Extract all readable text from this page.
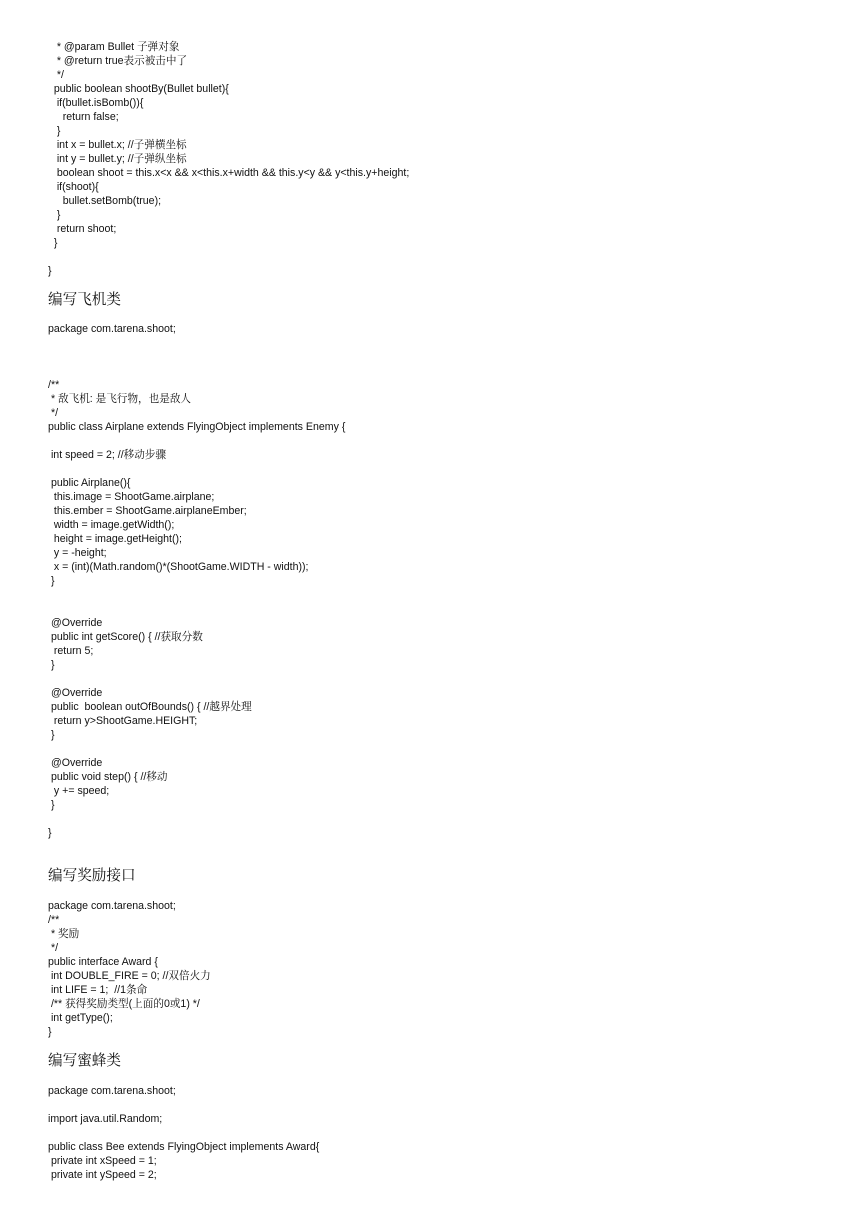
* @param Bullet 子弹对象
* @return true表示被击中了
*/
public boolean shootBy(Bullet bullet){
if(bullet.isBomb()){
return false;
}
int x = bullet.x; //子弹横坐标
int y = bullet.y; //子弹纵坐标
boolean shoot = this.x<x && x<this.x+width && this.y<y && y<this.y+height;
if(shoot){
bullet.setBomb(true);
}
return shoot;
}
}
编写飞机类
package com.tarena.shoot;
/**
* 敌飞机: 是飞行物，也是敌人
*/
public class Airplane extends FlyingObject implements Enemy {
int speed = 2; //移动步骤
public Airplane(){
this.image = ShootGame.airplane;
this.ember = ShootGame.airplaneEmber;
width = image.getWidth();
height = image.getHeight();
y = -height;
x = (int)(Math.random()*(ShootGame.WIDTH - width));
}
@Override
public int getScore() { //获取分数
return 5;
}
@Override
public  boolean outOfBounds() { //越界处理
return y>ShootGame.HEIGHT;
}
@Override
public void step() { //移动
y += speed;
}
}
编写奖励接口
package com.tarena.shoot;
/**
* 奖励
*/
public interface Award {
int DOUBLE_FIRE = 0; //双倍火力
int LIFE = 1;  //1条命
/** 获得奖励类型(上面的0或1) */
int getType();
}
编写蜜蜂类
package com.tarena.shoot;
import java.util.Random;
public class Bee extends FlyingObject implements Award{
private int xSpeed = 1;
private int ySpeed = 2;
